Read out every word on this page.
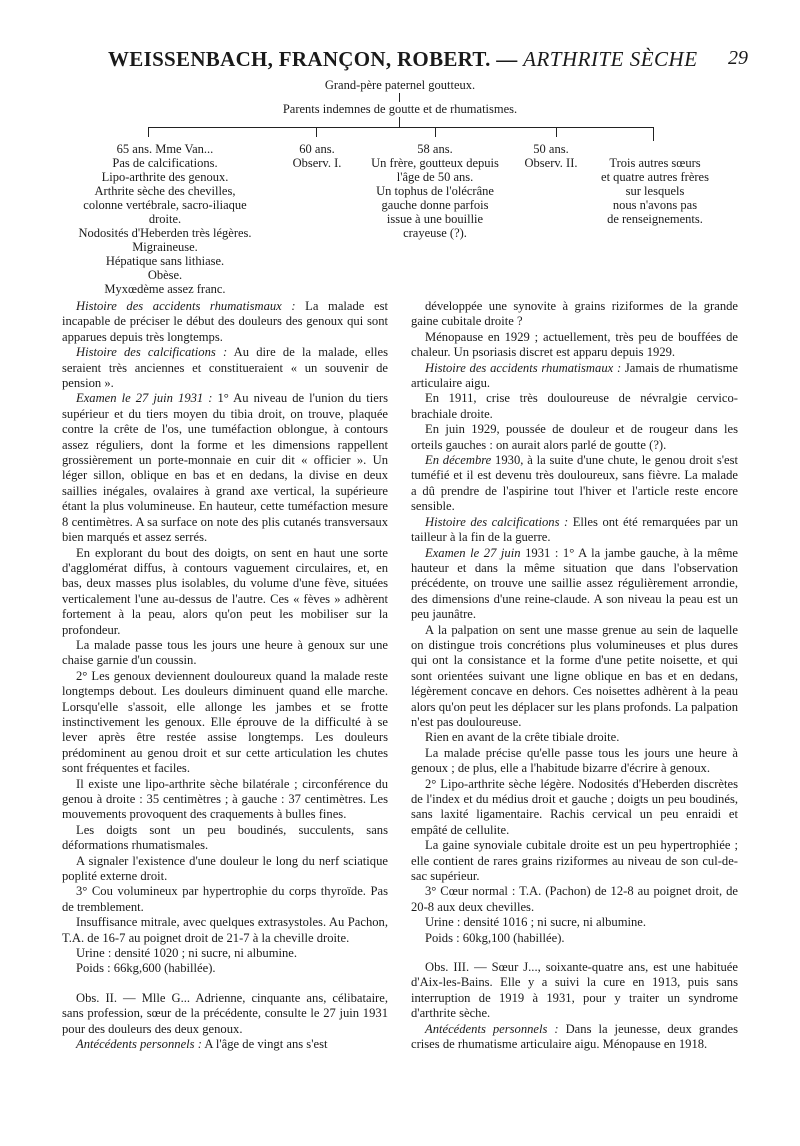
WEISSENBACH, FRANÇON, ROBERT. — ARTHRITE SÈCHE 29
Grand-père paternel goutteux.
Parents indemnes de goutte et de rhumatismes.
65 ans. Mme Van...
Pas de calcifications.
Lipo-arthrite des genoux.
Arthrite sèche des chevilles,
colonne vertébrale, sacro-iliaque
droite.
Nodosités d'Heberden très légères.
Migraineuse.
Hépatique sans lithiase.
Obèse.
Myxœdème assez franc.
60 ans.
Observ. I.
58 ans.
Un frère, goutteux depuis
l'âge de 50 ans.
Un tophus de l'olécrâne
gauche donne parfois
issue à une bouillie
crayeuse (?).
50 ans.
Observ. II.	Trois autres sœurs
et quatre autres frères
sur lesquels
nous n'avons pas
de renseignements.

Histoire des accidents rhumatismaux : La malade est incapable de préciser le début des douleurs des genoux qui sont apparues depuis très longtemps.

Histoire des calcifications : Au dire de la malade, elles seraient très anciennes et constitueraient « un souvenir de pension ».

Examen le 27 juin 1931 : 1° Au niveau de l'union du tiers supérieur et du tiers moyen du tibia droit, on trouve, plaquée contre la crête de l'os, une tuméfaction oblongue, à contours assez réguliers, dont la forme et les dimensions rappellent grossièrement un porte-monnaie en cuir dit « officier ». Un léger sillon, oblique en bas et en dedans, la divise en deux saillies inégales, ovalaires à grand axe vertical, la supérieure étant la plus volumineuse. En hauteur, cette tuméfaction mesure 8 centimètres. A sa surface on note des plis cutanés transversaux bien marqués et assez serrés.

En explorant du bout des doigts, on sent en haut une sorte d'agglomérat diffus, à contours vaguement circulaires, et, en bas, deux masses plus isolables, du volume d'une fève, situées verticalement l'une au-dessus de l'autre. Ces « fèves » adhèrent fortement à la peau, alors qu'on peut les mobiliser sur la profondeur.

La malade passe tous les jours une heure à genoux sur une chaise garnie d'un coussin.

2° Les genoux deviennent douloureux quand la malade reste longtemps debout. Les douleurs diminuent quand elle marche. Lorsqu'elle s'assoit, elle allonge les jambes et se frotte instinctivement les genoux. Elle éprouve de la difficulté à se lever après être restée assise longtemps. Les douleurs prédominent au genou droit et sur cette articulation les chutes sont fréquentes et faciles.

Il existe une lipo-arthrite sèche bilatérale ; circonférence du genou à droite : 35 centimètres ; à gauche : 37 centimètres. Les mouvements provoquent des craquements à bulles fines.

Les doigts sont un peu boudinés, succulents, sans déformations rhumatismales.

A signaler l'existence d'une douleur le long du nerf sciatique poplité externe droit.

3° Cou volumineux par hypertrophie du corps thyroïde. Pas de tremblement.

Insuffisance mitrale, avec quelques extrasystoles. Au Pachon, T.A. de 16-7 au poignet droit de 21-7 à la cheville droite.

Urine : densité 1020 ; ni sucre, ni albumine.

Poids : 66kg,600 (habillée).

Obs. II. — Mlle G... Adrienne, cinquante ans, célibataire, sans profession, sœur de la précédente, consulte le 27 juin 1931 pour des douleurs des deux genoux.

Antécédents personnels : A l'âge de vingt ans s'est

développée une synovite à grains riziformes de la grande gaine cubitale droite ?

Ménopause en 1929 ; actuellement, très peu de bouffées de chaleur. Un psoriasis discret est apparu depuis 1929.

Histoire des accidents rhumatismaux : Jamais de rhumatisme articulaire aigu.

En 1911, crise très douloureuse de névralgie cervico-brachiale droite.

En juin 1929, poussée de douleur et de rougeur dans les orteils gauches : on aurait alors parlé de goutte (?).

En décembre 1930, à la suite d'une chute, le genou droit s'est tuméfié et il est devenu très douloureux, sans fièvre. La malade a dû prendre de l'aspirine tout l'hiver et l'article reste encore sensible.

Histoire des calcifications : Elles ont été remarquées par un tailleur à la fin de la guerre.

Examen le 27 juin 1931 : 1° A la jambe gauche, à la même hauteur et dans la même situation que dans l'observation précédente, on trouve une saillie assez régulièrement arrondie, des dimensions d'une reine-claude. A son niveau la peau est un peu jaunâtre.

A la palpation on sent une masse grenue au sein de laquelle on distingue trois concrétions plus volumineuses et plus dures qui ont la consistance et la forme d'une petite noisette, et qui sont orientées suivant une ligne oblique en bas et en dedans, légèrement concave en dehors. Ces noisettes adhèrent à la peau alors qu'on peut les déplacer sur les plans profonds. La palpation n'est pas douloureuse.

Rien en avant de la crête tibiale droite.

La malade précise qu'elle passe tous les jours une heure à genoux ; de plus, elle a l'habitude bizarre d'écrire à genoux.

2° Lipo-arthrite sèche légère. Nodosités d'Heberden discrètes de l'index et du médius droit et gauche ; doigts un peu boudinés, sans laxité ligamentaire. Rachis cervical un peu enraidi et empâté de cellulite.

La gaine synoviale cubitale droite est un peu hypertrophiée ; elle contient de rares grains riziformes au niveau de son cul-de-sac supérieur.

3° Cœur normal : T.A. (Pachon) de 12-8 au poignet droit, de 20-8 aux deux chevilles.

Urine : densité 1016 ; ni sucre, ni albumine.

Poids : 60kg,100 (habillée).

Obs. III. — Sœur J..., soixante-quatre ans, est une habituée d'Aix-les-Bains. Elle y a suivi la cure en 1913, puis sans interruption de 1919 à 1931, pour y traiter un syndrome d'arthrite sèche.

Antécédents personnels : Dans la jeunesse, deux grandes crises de rhumatisme articulaire aigu. Ménopause en 1918.
